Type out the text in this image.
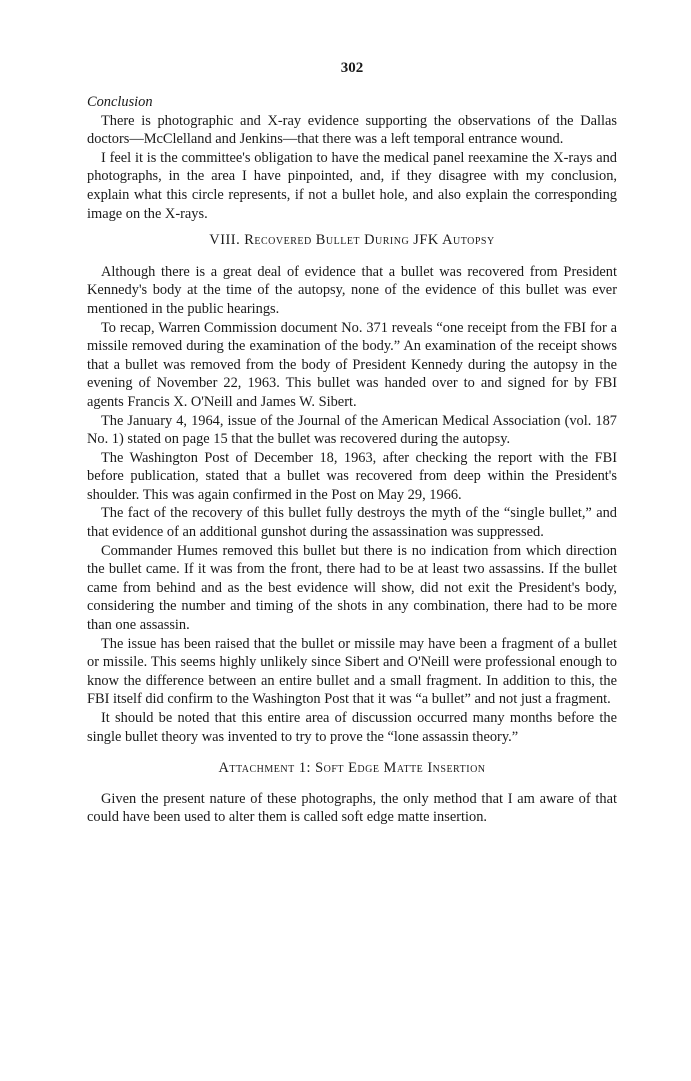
302
Conclusion

There is photographic and X-ray evidence supporting the observations of the Dallas doctors—McClelland and Jenkins—that there was a left temporal entrance wound.

I feel it is the committee's obligation to have the medical panel reexamine the X-rays and photographs, in the area I have pinpointed, and, if they disagree with my conclusion, explain what this circle represents, if not a bullet hole, and also explain the corresponding image on the X-rays.

VIII. Recovered Bullet During JFK Autopsy

Although there is a great deal of evidence that a bullet was recovered from President Kennedy's body at the time of the autopsy, none of the evidence of this bullet was ever mentioned in the public hearings.

To recap, Warren Commission document No. 371 reveals “one receipt from the FBI for a missile removed during the examination of the body.” An examination of the receipt shows that a bullet was removed from the body of President Kennedy during the autopsy in the evening of November 22, 1963. This bullet was handed over to and signed for by FBI agents Francis X. O'Neill and James W. Sibert.

The January 4, 1964, issue of the Journal of the American Medical Association (vol. 187 No. 1) stated on page 15 that the bullet was recovered during the autopsy.

The Washington Post of December 18, 1963, after checking the report with the FBI before publication, stated that a bullet was recovered from deep within the President's shoulder. This was again confirmed in the Post on May 29, 1966.

The fact of the recovery of this bullet fully destroys the myth of the “single bullet,” and that evidence of an additional gunshot during the assassination was suppressed.

Commander Humes removed this bullet but there is no indication from which direction the bullet came. If it was from the front, there had to be at least two assassins. If the bullet came from behind and as the best evidence will show, did not exit the President's body, considering the number and timing of the shots in any combination, there had to be more than one assassin.

The issue has been raised that the bullet or missile may have been a fragment of a bullet or missile. This seems highly unlikely since Sibert and O'Neill were professional enough to know the difference between an entire bullet and a small fragment. In addition to this, the FBI itself did confirm to the Washington Post that it was “a bullet” and not just a fragment.

It should be noted that this entire area of discussion occurred many months before the single bullet theory was invented to try to prove the “lone assassin theory.”

Attachment 1: Soft Edge Matte Insertion

Given the present nature of these photographs, the only method that I am aware of that could have been used to alter them is called soft edge matte insertion.
